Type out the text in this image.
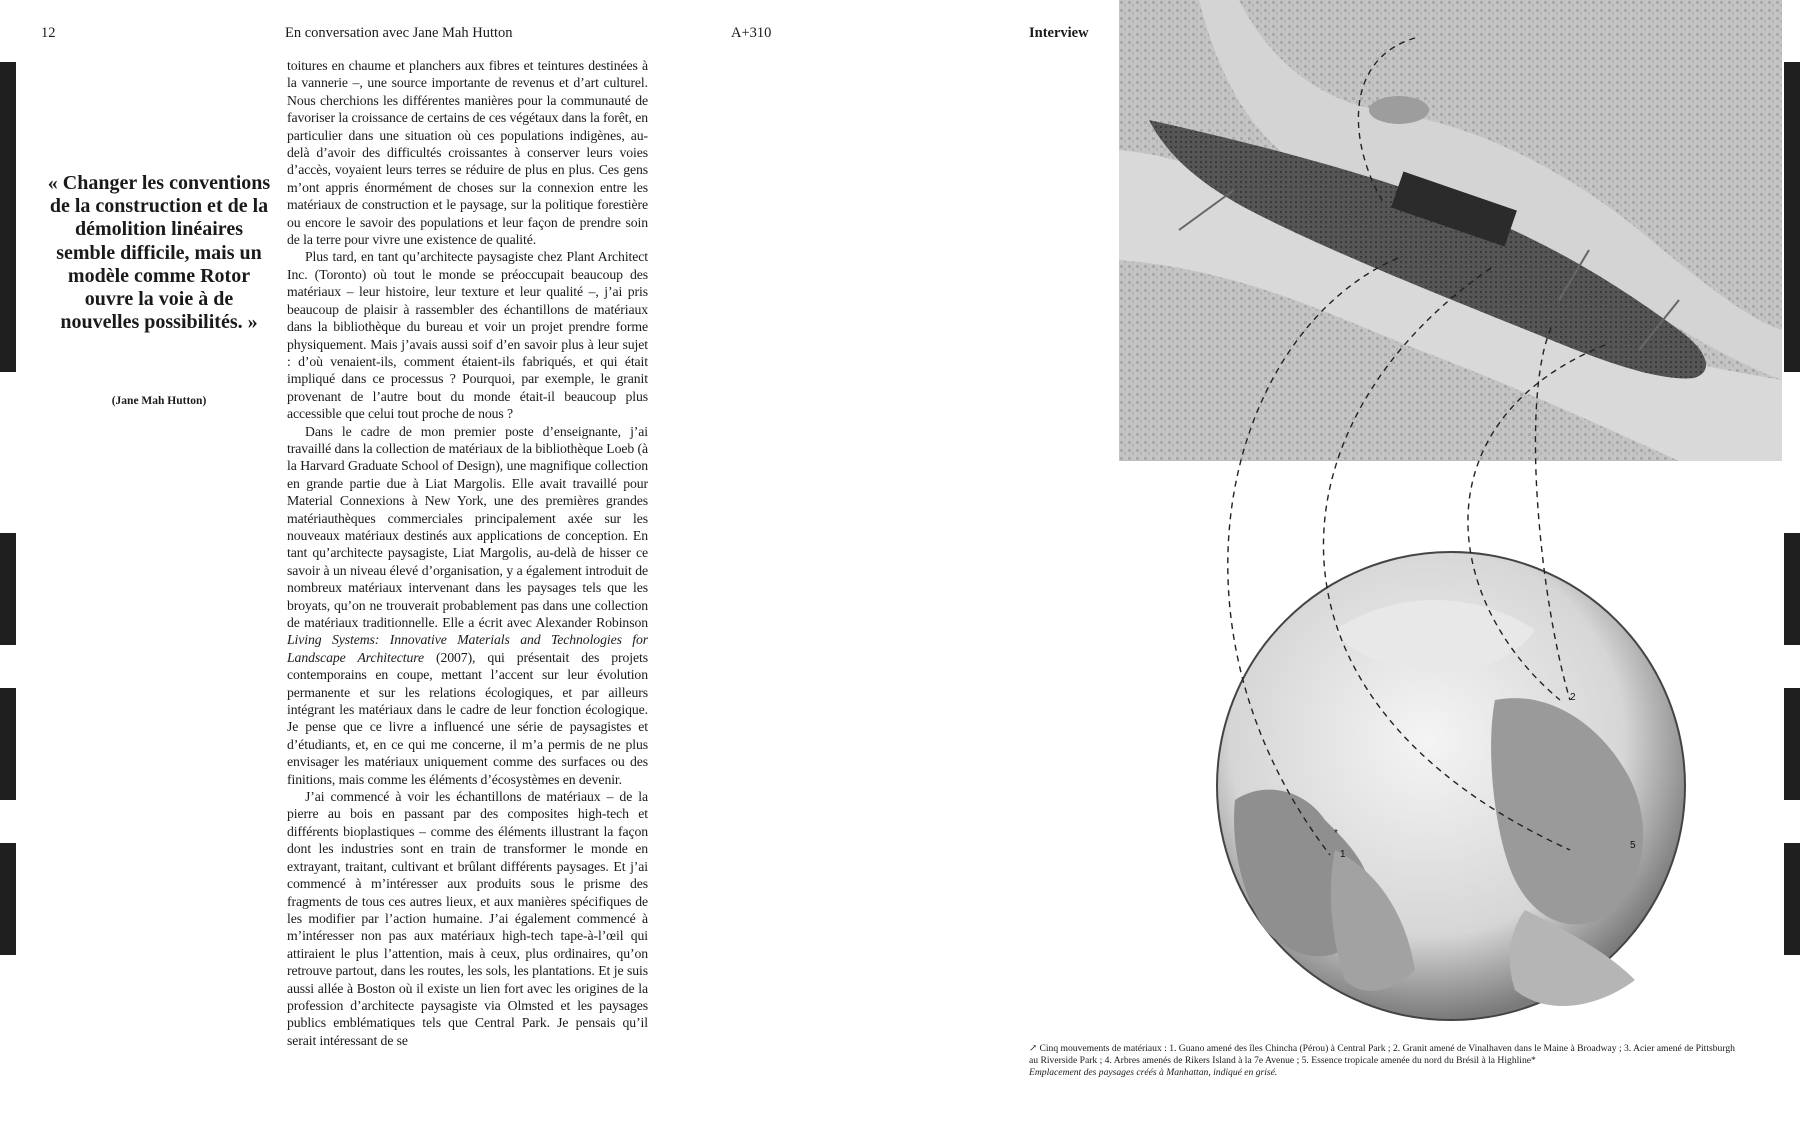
12	En conversation avec Jane Mah Hutton	A+310	Interview
« Changer les conventions de la construction et de la démolition linéaires semble difficile, mais un modèle comme Rotor ouvre la voie à de nouvelles possibilités. »
(Jane Mah Hutton)

toitures en chaume et planchers aux fibres et teintures destinées à la vannerie –, une source importante de revenus et d’art culturel. Nous cherchions les différentes manières pour la communauté de favoriser la croissance de certains de ces végétaux dans la forêt, en particulier dans une situation où ces populations indigènes, au-delà d’avoir des difficultés croissantes à conserver leurs voies d’accès, voyaient leurs terres se réduire de plus en plus. Ces gens m’ont appris énormément de choses sur la connexion entre les matériaux de construction et le paysage, sur la politique forestière ou encore le savoir des populations et leur façon de prendre soin de la terre pour vivre une existence de qualité.

Plus tard, en tant qu’architecte paysagiste chez Plant Architect Inc. (Toronto) où tout le monde se préoccupait beaucoup des matériaux – leur histoire, leur texture et leur qualité –, j’ai pris beaucoup de plaisir à rassembler des échantillons de matériaux dans la bibliothèque du bureau et voir un projet prendre forme physiquement. Mais j’avais aussi soif d’en savoir plus à leur sujet : d’où venaient-ils, comment étaient-ils fabriqués, et qui était impliqué dans ce processus ? Pourquoi, par exemple, le granit provenant de l’autre bout du monde était-il beaucoup plus accessible que celui tout proche de nous ?

Dans le cadre de mon premier poste d’enseignante, j’ai travaillé dans la collection de matériaux de la bibliothèque Loeb (à la Harvard Graduate School of Design), une magnifique collection en grande partie due à Liat Margolis. Elle avait travaillé pour Material Connexions à New York, une des premières grandes matériauthèques commerciales principalement axée sur les nouveaux matériaux destinés aux applications de conception. En tant qu’architecte paysagiste, Liat Margolis, au-delà de hisser ce savoir à un niveau élevé d’organisation, y a également introduit de nombreux matériaux intervenant dans les paysages tels que les broyats, qu’on ne trouverait probablement pas dans une collection de matériaux traditionnelle. Elle a écrit avec Alexander Robinson Living Systems: Innovative Materials and Technologies for Landscape Architecture (2007), qui présentait des projets contemporains en coupe, mettant l’accent sur leur évolution permanente et sur les relations écologiques, et par ailleurs intégrant les matériaux dans le cadre de leur fonction écologique. Je pense que ce livre a influencé une série de paysagistes et d’étudiants, et, en ce qui me concerne, il m’a permis de ne plus envisager les matériaux uniquement comme des surfaces ou des finitions, mais comme les éléments d’écosystèmes en devenir.

J’ai commencé à voir les échantillons de matériaux – de la pierre au bois en passant par des composites high-tech et différents bioplastiques – comme des éléments illustrant la façon dont les industries sont en train de transformer le monde en extrayant, traitant, cultivant et brûlant différents paysages. Et j’ai commencé à m’intéresser aux produits sous le prisme des fragments de tous ces autres lieux, et aux manières spécifiques de les modifier par l’action humaine. J’ai également commencé à m’intéresser non pas aux matériaux high-tech tape-à-l’œil qui attiraient le plus l’attention, mais à ceux, plus ordinaires, qu’on retrouve partout, dans les routes, les sols, les plantations. Et je suis aussi allée à Boston où il existe un lien fort avec les origines de la profession d’architecte paysagiste via Olmsted et les paysages publics emblématiques tels que Central Park. Je pensais qu’il serait intéressant de se

*
1
2
5
↗ Cinq mouvements de matériaux : 1. Guano amené des îles Chincha (Pérou) à Central Park ; 2. Granit amené de Vinalhaven dans le Maine à Broadway ; 3. Acier amené de Pittsburgh au Riverside Park ; 4. Arbres amenés de Rikers Island à la 7e Avenue ; 5. Essence tropicale amenée du nord du Brésil à la Highline*
Emplacement des paysages créés à Manhattan, indiqué en grisé.
